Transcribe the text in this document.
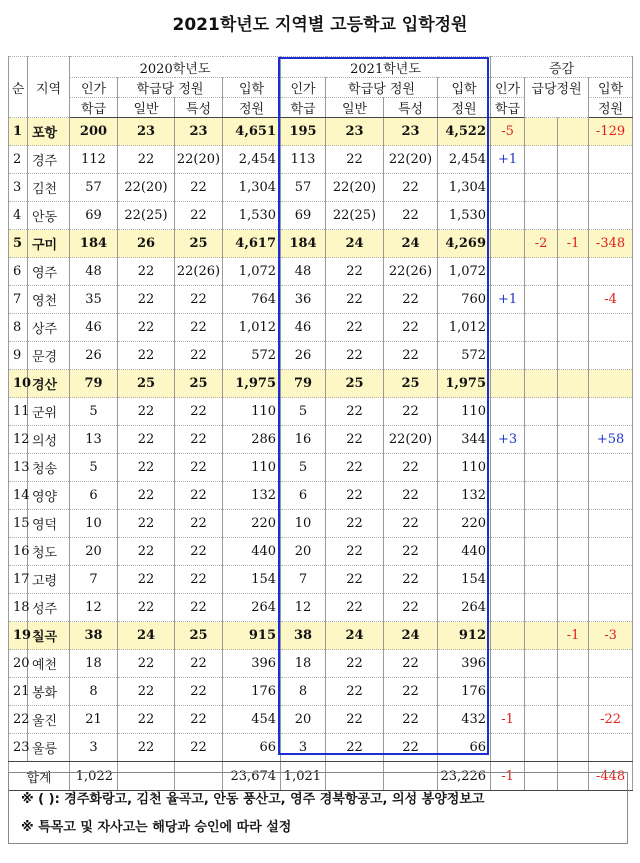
2021학년도 지역별 고등학교 입학정원
순	지역	2020학년도				2021학년도				증감			
		인가	학급당 정원		입학	인가	학급당 정원		입학	인가	급당정원		입학
		학급	일반	특성	정원	학급	일반	특성	정원	학급			정원
1	포항	200	23	23	4,651	195	23	23	4,522	-5			-129
2	경주	112	22	22(20)	2,454	113	22	22(20)	2,454	+1			
3	김천	57	22(20)	22	1,304	57	22(20)	22	1,304				
4	안동	69	22(25)	22	1,530	69	22(25)	22	1,530				
5	구미	184	26	25	4,617	184	24	24	4,269		-2	-1	-348
6	영주	48	22	22(26)	1,072	48	22	22(26)	1,072				
7	영천	35	22	22	764	36	22	22	760	+1			-4
8	상주	46	22	22	1,012	46	22	22	1,012				
9	문경	26	22	22	572	26	22	22	572				
10	경산	79	25	25	1,975	79	25	25	1,975				
11	군위	5	22	22	110	5	22	22	110				
12	의성	13	22	22	286	16	22	22(20)	344	+3			+58
13	청송	5	22	22	110	5	22	22	110				
14	영양	6	22	22	132	6	22	22	132				
15	영덕	10	22	22	220	10	22	22	220				
16	청도	20	22	22	440	20	22	22	440				
17	고령	7	22	22	154	7	22	22	154				
18	성주	12	22	22	264	12	22	22	264				
19	칠곡	38	24	25	915	38	24	24	912			-1	-3
20	예천	18	22	22	396	18	22	22	396				
21	봉화	8	22	22	176	8	22	22	176				
22	울진	21	22	22	454	20	22	22	432	-1			-22
23	울릉	3	22	22	66	3	22	22	66				
합계		1,022			23,674	1,021			23,226	-1			-448
※ ( ): 경주화랑고, 김천 율곡고, 안동 풍산고, 영주 경북항공고, 의성 봉양정보고
※ 특목고 및 자사고는 해당과 승인에 따라 설정
